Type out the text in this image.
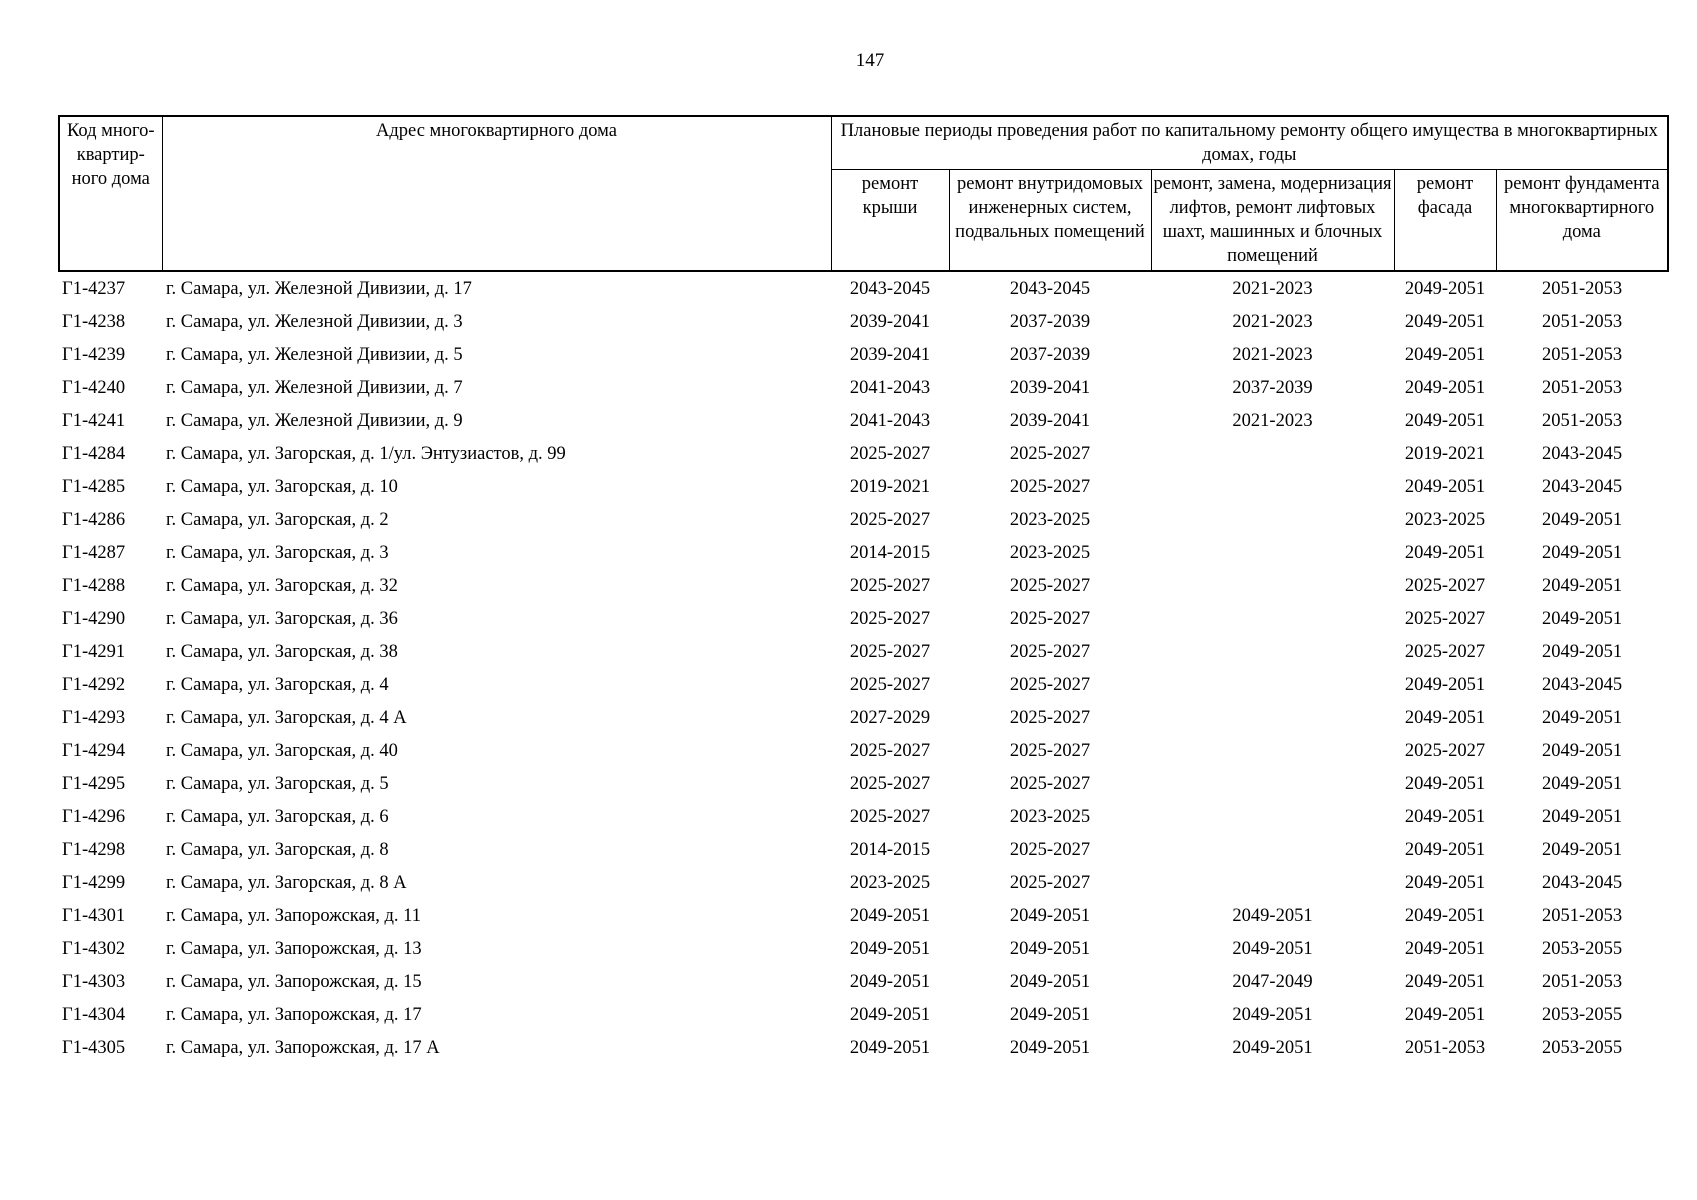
147
Код много-квартир-ного дома	Адрес многоквартирного дома	Плановые периоды проведения работ по капитальному ремонту общего имущества в многоквартирных домах, годы				

		ремонт крыши	ремонт внутридомовых инженерных систем, подвальных помещений	ремонт, замена, модернизация лифтов, ремонт лифтовых шахт, машинных и блочных помещений	ремонт фасада	ремонт фундамента многоквартирного дома
Г1-4237	г. Самара, ул. Железной Дивизии, д. 17	2043-2045	2043-2045	2021-2023	2049-2051	2051-2053
Г1-4238	г. Самара, ул. Железной Дивизии, д. 3	2039-2041	2037-2039	2021-2023	2049-2051	2051-2053
Г1-4239	г. Самара, ул. Железной Дивизии, д. 5	2039-2041	2037-2039	2021-2023	2049-2051	2051-2053
Г1-4240	г. Самара, ул. Железной Дивизии, д. 7	2041-2043	2039-2041	2037-2039	2049-2051	2051-2053
Г1-4241	г. Самара, ул. Железной Дивизии, д. 9	2041-2043	2039-2041	2021-2023	2049-2051	2051-2053
Г1-4284	г. Самара, ул. Загорская, д. 1/ул. Энтузиастов, д. 99	2025-2027	2025-2027		2019-2021	2043-2045
Г1-4285	г. Самара, ул. Загорская, д. 10	2019-2021	2025-2027		2049-2051	2043-2045
Г1-4286	г. Самара, ул. Загорская, д. 2	2025-2027	2023-2025		2023-2025	2049-2051
Г1-4287	г. Самара, ул. Загорская, д. 3	2014-2015	2023-2025		2049-2051	2049-2051
Г1-4288	г. Самара, ул. Загорская, д. 32	2025-2027	2025-2027		2025-2027	2049-2051
Г1-4290	г. Самара, ул. Загорская, д. 36	2025-2027	2025-2027		2025-2027	2049-2051
Г1-4291	г. Самара, ул. Загорская, д. 38	2025-2027	2025-2027		2025-2027	2049-2051
Г1-4292	г. Самара, ул. Загорская, д. 4	2025-2027	2025-2027		2049-2051	2043-2045
Г1-4293	г. Самара, ул. Загорская, д. 4 А	2027-2029	2025-2027		2049-2051	2049-2051
Г1-4294	г. Самара, ул. Загорская, д. 40	2025-2027	2025-2027		2025-2027	2049-2051
Г1-4295	г. Самара, ул. Загорская, д. 5	2025-2027	2025-2027		2049-2051	2049-2051
Г1-4296	г. Самара, ул. Загорская, д. 6	2025-2027	2023-2025		2049-2051	2049-2051
Г1-4298	г. Самара, ул. Загорская, д. 8	2014-2015	2025-2027		2049-2051	2049-2051
Г1-4299	г. Самара, ул. Загорская, д. 8 А	2023-2025	2025-2027		2049-2051	2043-2045
Г1-4301	г. Самара, ул. Запорожская, д. 11	2049-2051	2049-2051	2049-2051	2049-2051	2051-2053
Г1-4302	г. Самара, ул. Запорожская, д. 13	2049-2051	2049-2051	2049-2051	2049-2051	2053-2055
Г1-4303	г. Самара, ул. Запорожская, д. 15	2049-2051	2049-2051	2047-2049	2049-2051	2051-2053
Г1-4304	г. Самара, ул. Запорожская, д. 17	2049-2051	2049-2051	2049-2051	2049-2051	2053-2055
Г1-4305	г. Самара, ул. Запорожская, д. 17 А	2049-2051	2049-2051	2049-2051	2051-2053	2053-2055
